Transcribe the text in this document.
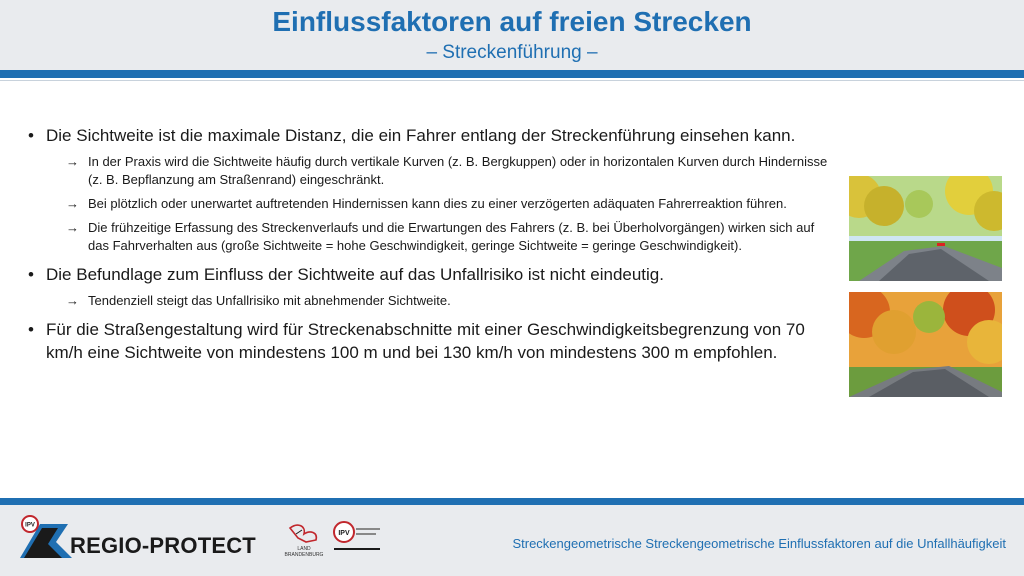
Einflussfaktoren auf freien Strecken
– Streckenführung –
• Die Sichtweite ist die maximale Distanz, die ein Fahrer entlang der Streckenführung einsehen kann.
→ In der Praxis wird die Sichtweite häufig durch vertikale Kurven (z. B. Bergkuppen) oder in horizontalen Kurven durch Hindernisse (z. B. Bepflanzung am Straßenrand) eingeschränkt.
→ Bei plötzlich oder unerwartet auftretenden Hindernissen kann dies zu einer verzögerten adäquaten Fahrerreaktion führen.
→ Die frühzeitige Erfassung des Streckenverlaufs und die Erwartungen des Fahrers (z. B. bei Überholvorgängen) wirken sich auf das Fahrverhalten aus (große Sichtweite = hohe Geschwindigkeit, geringe Sichtweite = geringe Geschwindigkeit).
• Die Befundlage zum Einfluss der Sichtweite auf das Unfallrisiko ist nicht eindeutig.
→ Tendenziell steigt das Unfallrisiko mit abnehmender Sichtweite.
• Für die Straßengestaltung wird für Streckenabschnitte mit einer Geschwindigkeitsbegrenzung von 70 km/h eine Sichtweite von mindestens 100 m und bei 130 km/h von mindestens 300 m empfohlen.
IPV
REGIO-PROTECT	LAND BRANDENBURG
IPV
Streckengeometrische Streckengeometrische Einflussfaktoren auf die Unfallhäufigkeit
